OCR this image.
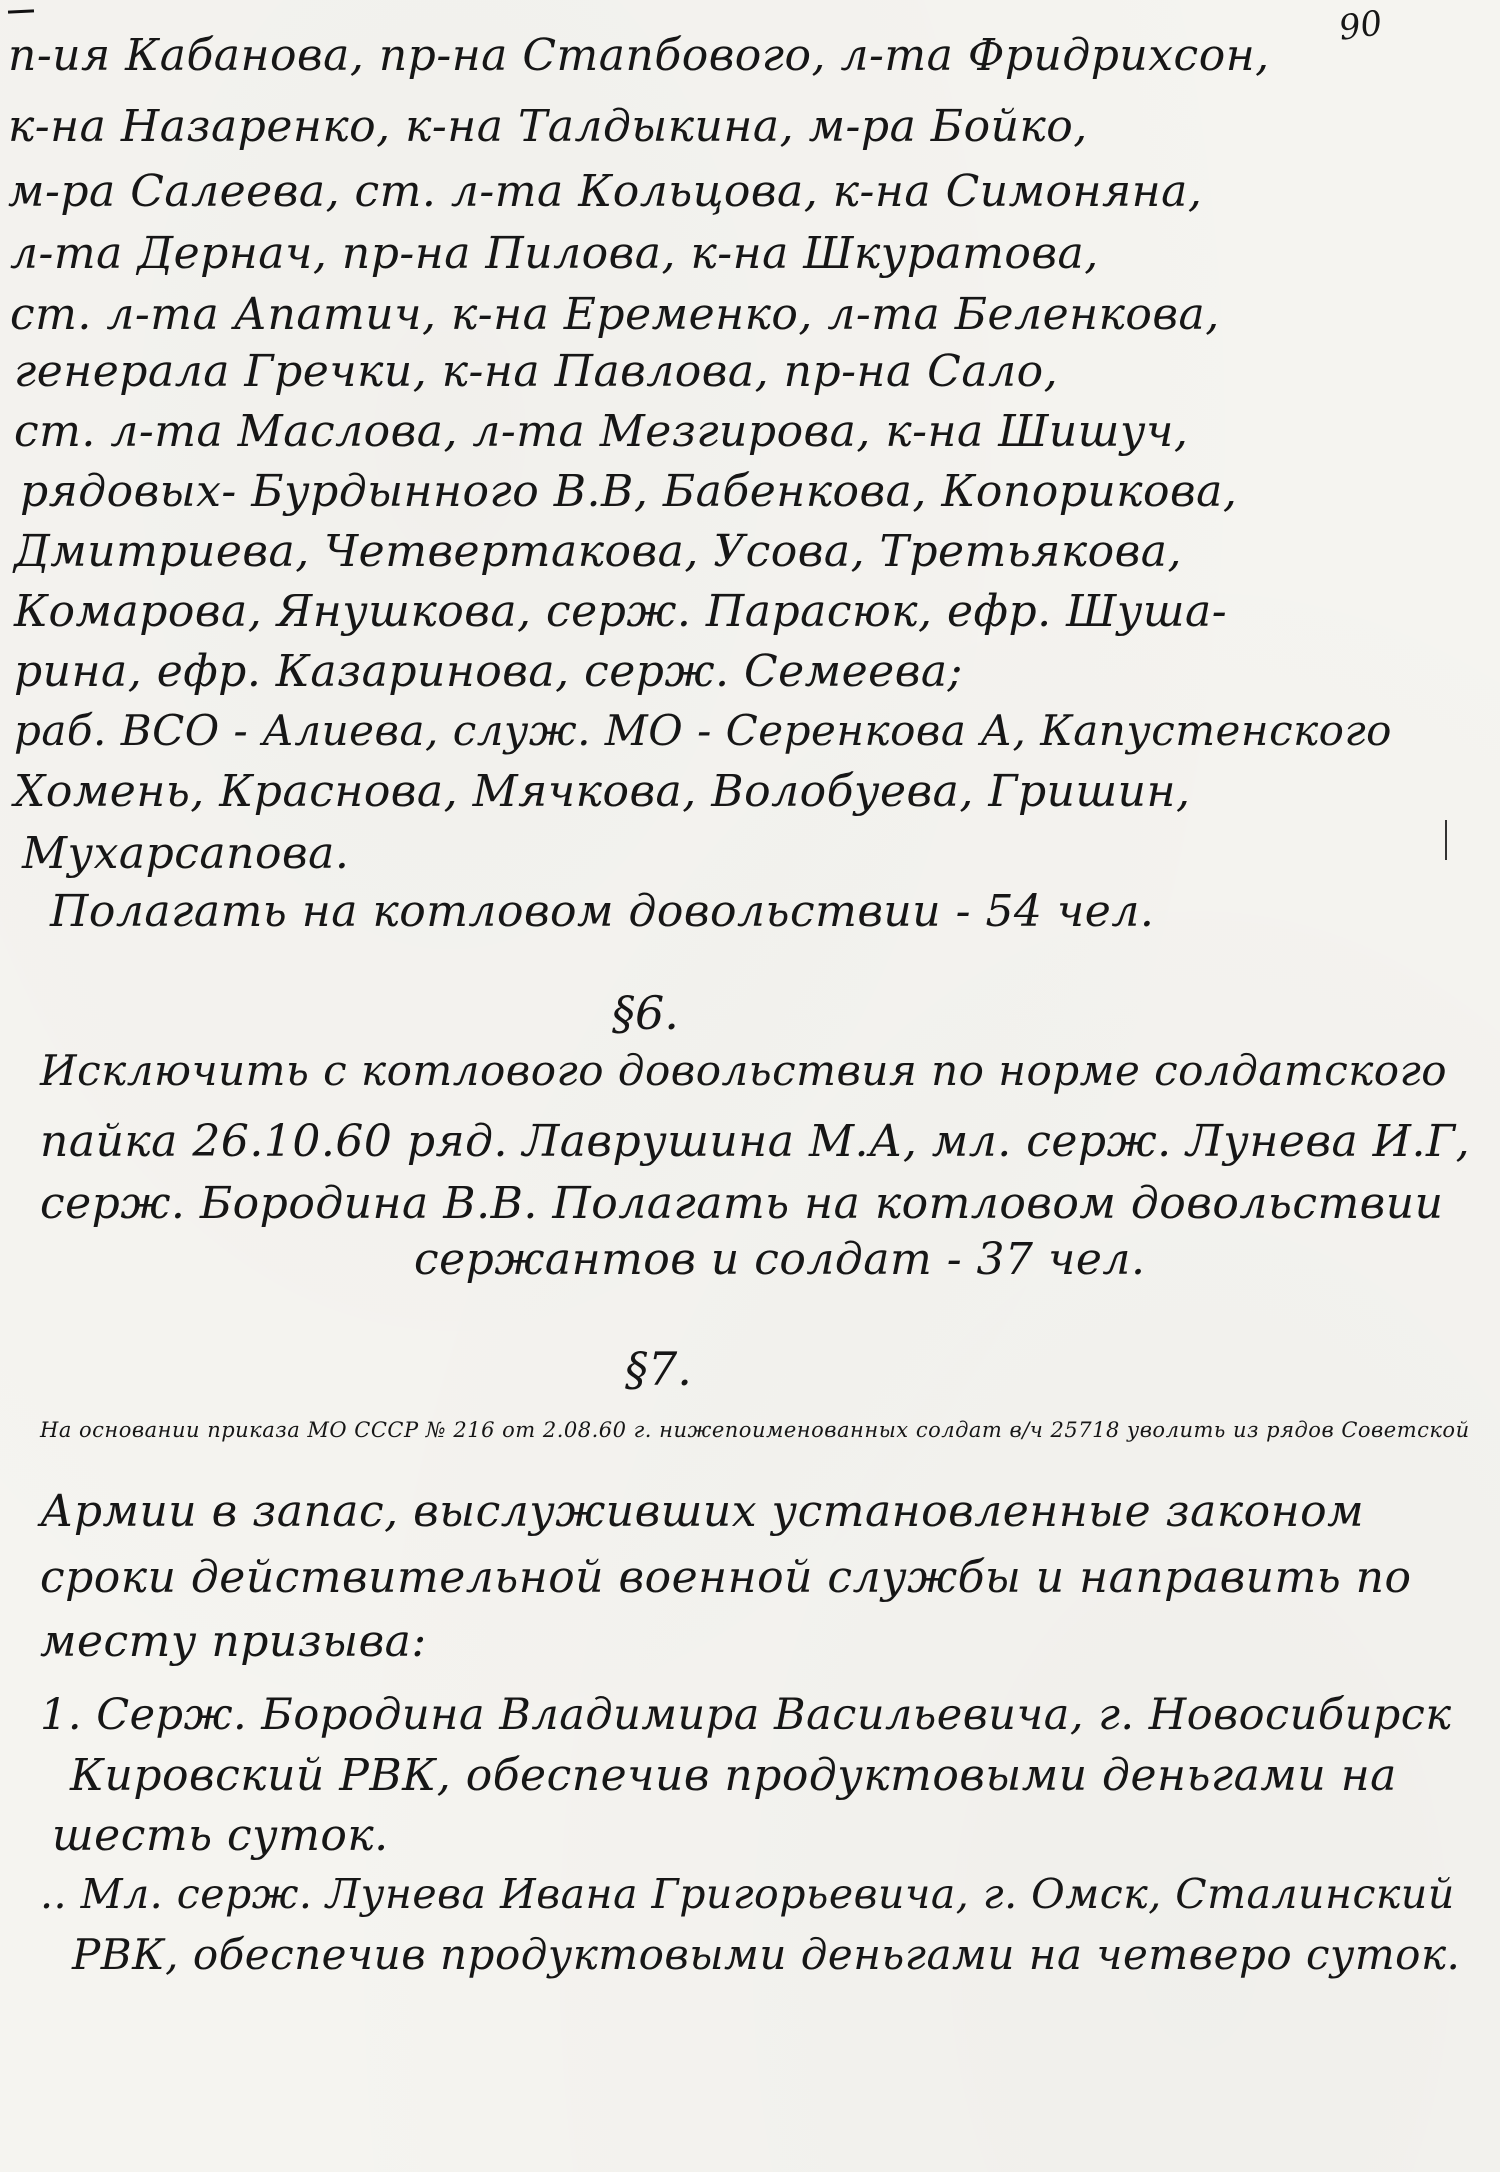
90
п-ия Кабанова, пр-на Стапбового, л-та Фридрихсон,
к-на Назаренко, к-на Талдыкина, м-ра Бойко,
м-ра Салеева, ст. л-та Кольцова, к-на Симоняна,
л-та Дернач, пр-на Пилова, к-на Шкуратова,
ст. л-та Апатич, к-на Еременко, л-та Беленкова,
генерала Гречки, к-на Павлова, пр-на Сало,
ст. л-та Маслова, л-та Мезгирова, к-на Шишуч,
рядовых- Бурдынного В.В, Бабенкова, Копорикова,
Дмитриева, Четвертакова, Усова, Третьякова,
Комарова, Янушкова, серж. Парасюк, ефр. Шуша-
рина, ефр. Казаринова, серж. Семеева;
раб. ВСО - Алиева, служ. МО - Серенкова А, Капустенского
Хомень, Краснова, Мячкова, Волобуева, Гришин,
Мухарсапова.
Полагать на котловом довольствии - 54 чел.
§6.
Исключить с котлового довольствия по норме солдатского
пайка 26.10.60 ряд. Лаврушина М.А, мл. серж. Лунева И.Г,
серж. Бородина В.В. Полагать на котловом довольствии
сержантов и солдат - 37 чел.
§7.
На основании приказа МО СССР № 216 от 2.08.60 г. нижепоименованных солдат в/ч 25718 уволить из рядов Советской
Армии в запас, выслуживших установленные законом
сроки действительной военной службы и направить по
месту призыва:
1. Серж. Бородина Владимира Васильевича, г. Новосибирск
Кировский РВК, обеспечив продуктовыми деньгами на
шесть суток.
.. Мл. серж. Лунева Ивана Григорьевича, г. Омск, Сталинский
РВК, обеспечив продуктовыми деньгами на четверо суток.
